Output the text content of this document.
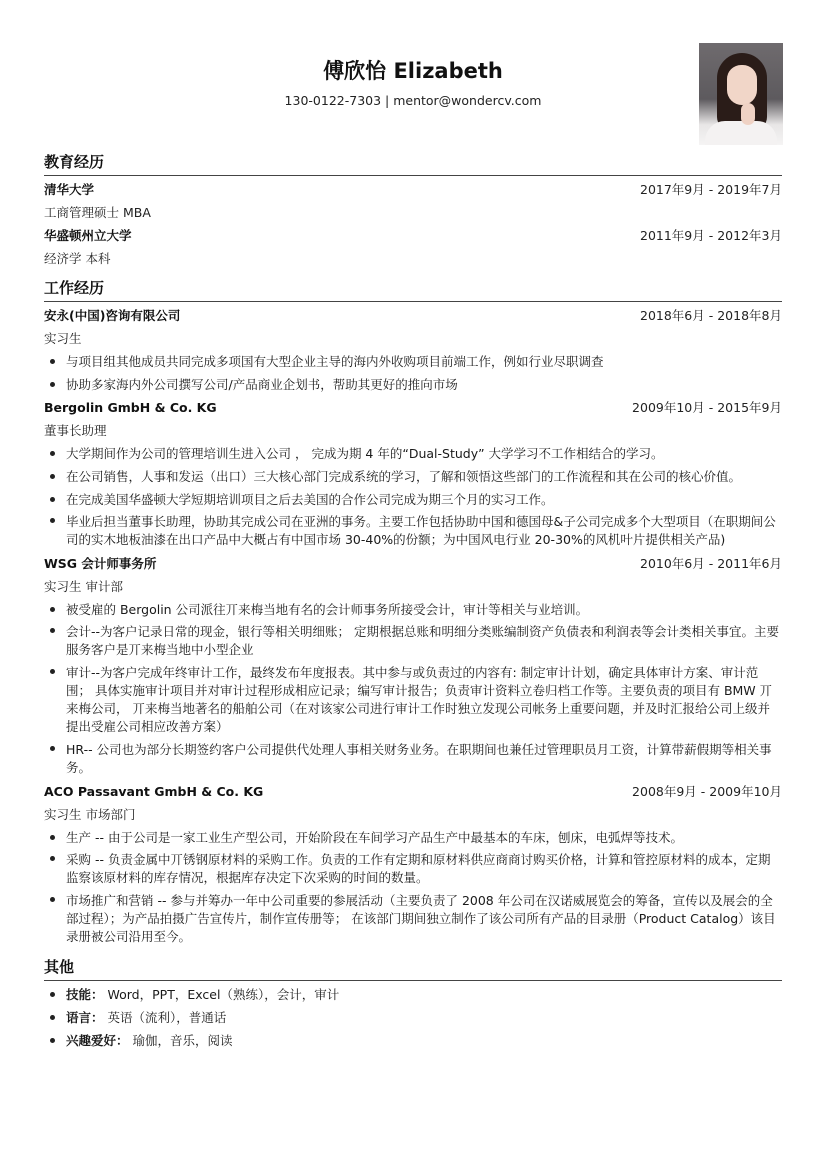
傅欣怡 Elizabeth
130-0122-7303 | mentor@wondercv.com
教育经历
清华大学	2017年9月 - 2019年7月
工商管理硕士 MBA
华盛顿州立大学	2011年9月 - 2012年3月
经济学 本科
工作经历
安永(中国)咨询有限公司	2018年6月 - 2018年8月
实习生
与项目组其他成员共同完成多项国有大型企业主导的海内外收购项目前端工作，例如行业尽职调查
协助多家海内外公司撰写公司/产品商业企划书，帮助其更好的推向市场
Bergolin GmbH & Co. KG	2009年10月 - 2015年9月
董事长助理
大学期间作为公司的管理培训生进入公司 ， 完成为期 4 年的“Dual-Study” 大学学习不工作相结合的学习。
在公司销售，人事和发运（出口）三大核心部门完成系统的学习，了解和领悟这些部门的工作流程和其在公司的核心价值。
在完成美国华盛顿大学短期培训项目之后去美国的合作公司完成为期三个月的实习工作。
毕业后担当董事长助理，协助其完成公司在亚洲的事务。主要工作包括协助中国和德国母&子公司完成多个大型项目（在职期间公司的实木地板油漆在出口产品中大概占有中国市场 30-40%的份额；为中国风电行业 20-30%的风机叶片提供相关产品)
WSG 会计师事务所	2010年6月 - 2011年6月
实习生 审计部
被受雇的 Bergolin 公司派往丌来梅当地有名的会计师事务所接受会计，审计等相关与业培训。
会计--为客户记录日常的现金，银行等相关明细账； 定期根据总账和明细分类账编制资产负债表和利润表等会计类相关事宜。主要服务客户是丌来梅当地中小型企业
审计--为客户完成年终审计工作，最终发布年度报表。其中参与或负责过的内容有: 制定审计计划，确定具体审计方案、审计范围； 具体实施审计项目并对审计过程形成相应记录；编写审计报告；负责审计资料立卷归档工作等。主要负责的项目有 BMW 丌来梅公司， 丌来梅当地著名的船舶公司（在对该家公司进行审计工作时独立发现公司帐务上重要问题，并及时汇报给公司上级并提出受雇公司相应改善方案）
HR-- 公司也为部分长期签约客户公司提供代处理人事相关财务业务。在职期间也兼任过管理职员月工资，计算带薪假期等相关事务。
ACO Passavant GmbH & Co. KG	2008年9月 - 2009年10月
实习生 市场部门
生产 -- 由于公司是一家工业生产型公司，开始阶段在车间学习产品生产中最基本的车床，刨床，电弧焊等技术。
采购 -- 负责金属中丌锈钢原材料的采购工作。负责的工作有定期和原材料供应商商讨购买价格，计算和管控原材料的成本，定期监察该原材料的库存情况，根据库存决定下次采购的时间的数量。
市场推广和营销 -- 参与并筹办一年中公司重要的参展活动（主要负责了 2008 年公司在汉诺威展览会的筹备，宣传以及展会的全部过程）；为产品拍摄广告宣传片，制作宣传册等； 在该部门期间独立制作了该公司所有产品的目录册（Product Catalog）该目录册被公司沿用至今。
其他
技能： Word，PPT，Excel（熟练），会计，审计
语言： 英语（流利），普通话
兴趣爱好： 瑜伽，音乐，阅读
